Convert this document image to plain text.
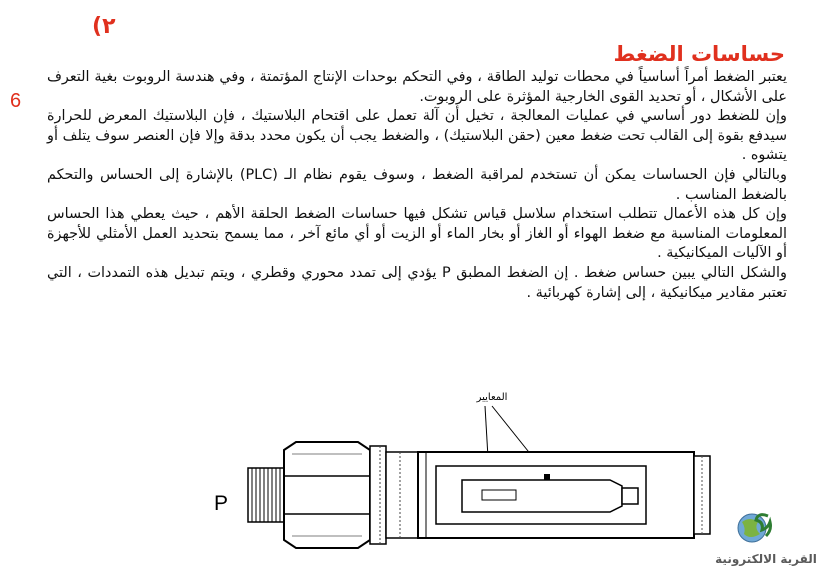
(٢
6
حساسات الضغط

يعتبر الضغط أمراً أساسياً في محطات توليد الطاقة ، وفي التحكم بوحدات الإنتاج المؤتمتة ، وفي هندسة الروبوت بغية التعرف على الأشكال ، أو تحديد القوى الخارجية المؤثرة على الروبوت.

وإن للضغط دور أساسي في عمليات المعالجة ، تخيل أن آلة تعمل على اقتحام البلاستيك ، فإن البلاستيك المعرض للحرارة سيدفع بقوة إلى القالب تحت ضغط معين (حقن البلاستيك) ، والضغط يجب أن يكون محدد بدقة وإلا فإن العنصر سوف يتلف أو يتشوه .

وبالتالي فإن الحساسات يمكن أن تستخدم لمراقبة الضغط ، وسوف يقوم نظام الـ (PLC) بالإشارة إلى الحساس والتحكم بالضغط المناسب .

وإن كل هذه الأعمال تتطلب استخدام سلاسل قياس تشكل فيها حساسات الضغط الحلقة الأهم ، حيث يعطي هذا الحساس المعلومات المناسبة مع ضغط الهواء أو الغاز أو بخار الماء أو الزيت أو أي مائع آخر ، مما يسمح بتحديد العمل الأمثلي للأجهزة أو الآليات الميكانيكية .

والشكل التالي يبين حساس ضغط . إن الضغط المطبق P يؤدي إلى تمدد محوري وقطري ، ويتم تبديل هذه التمددات ، التي تعتبر مقادير ميكانيكية ، إلى إشارة كهربائية .

المعايير
P
القرية الالكترونية
